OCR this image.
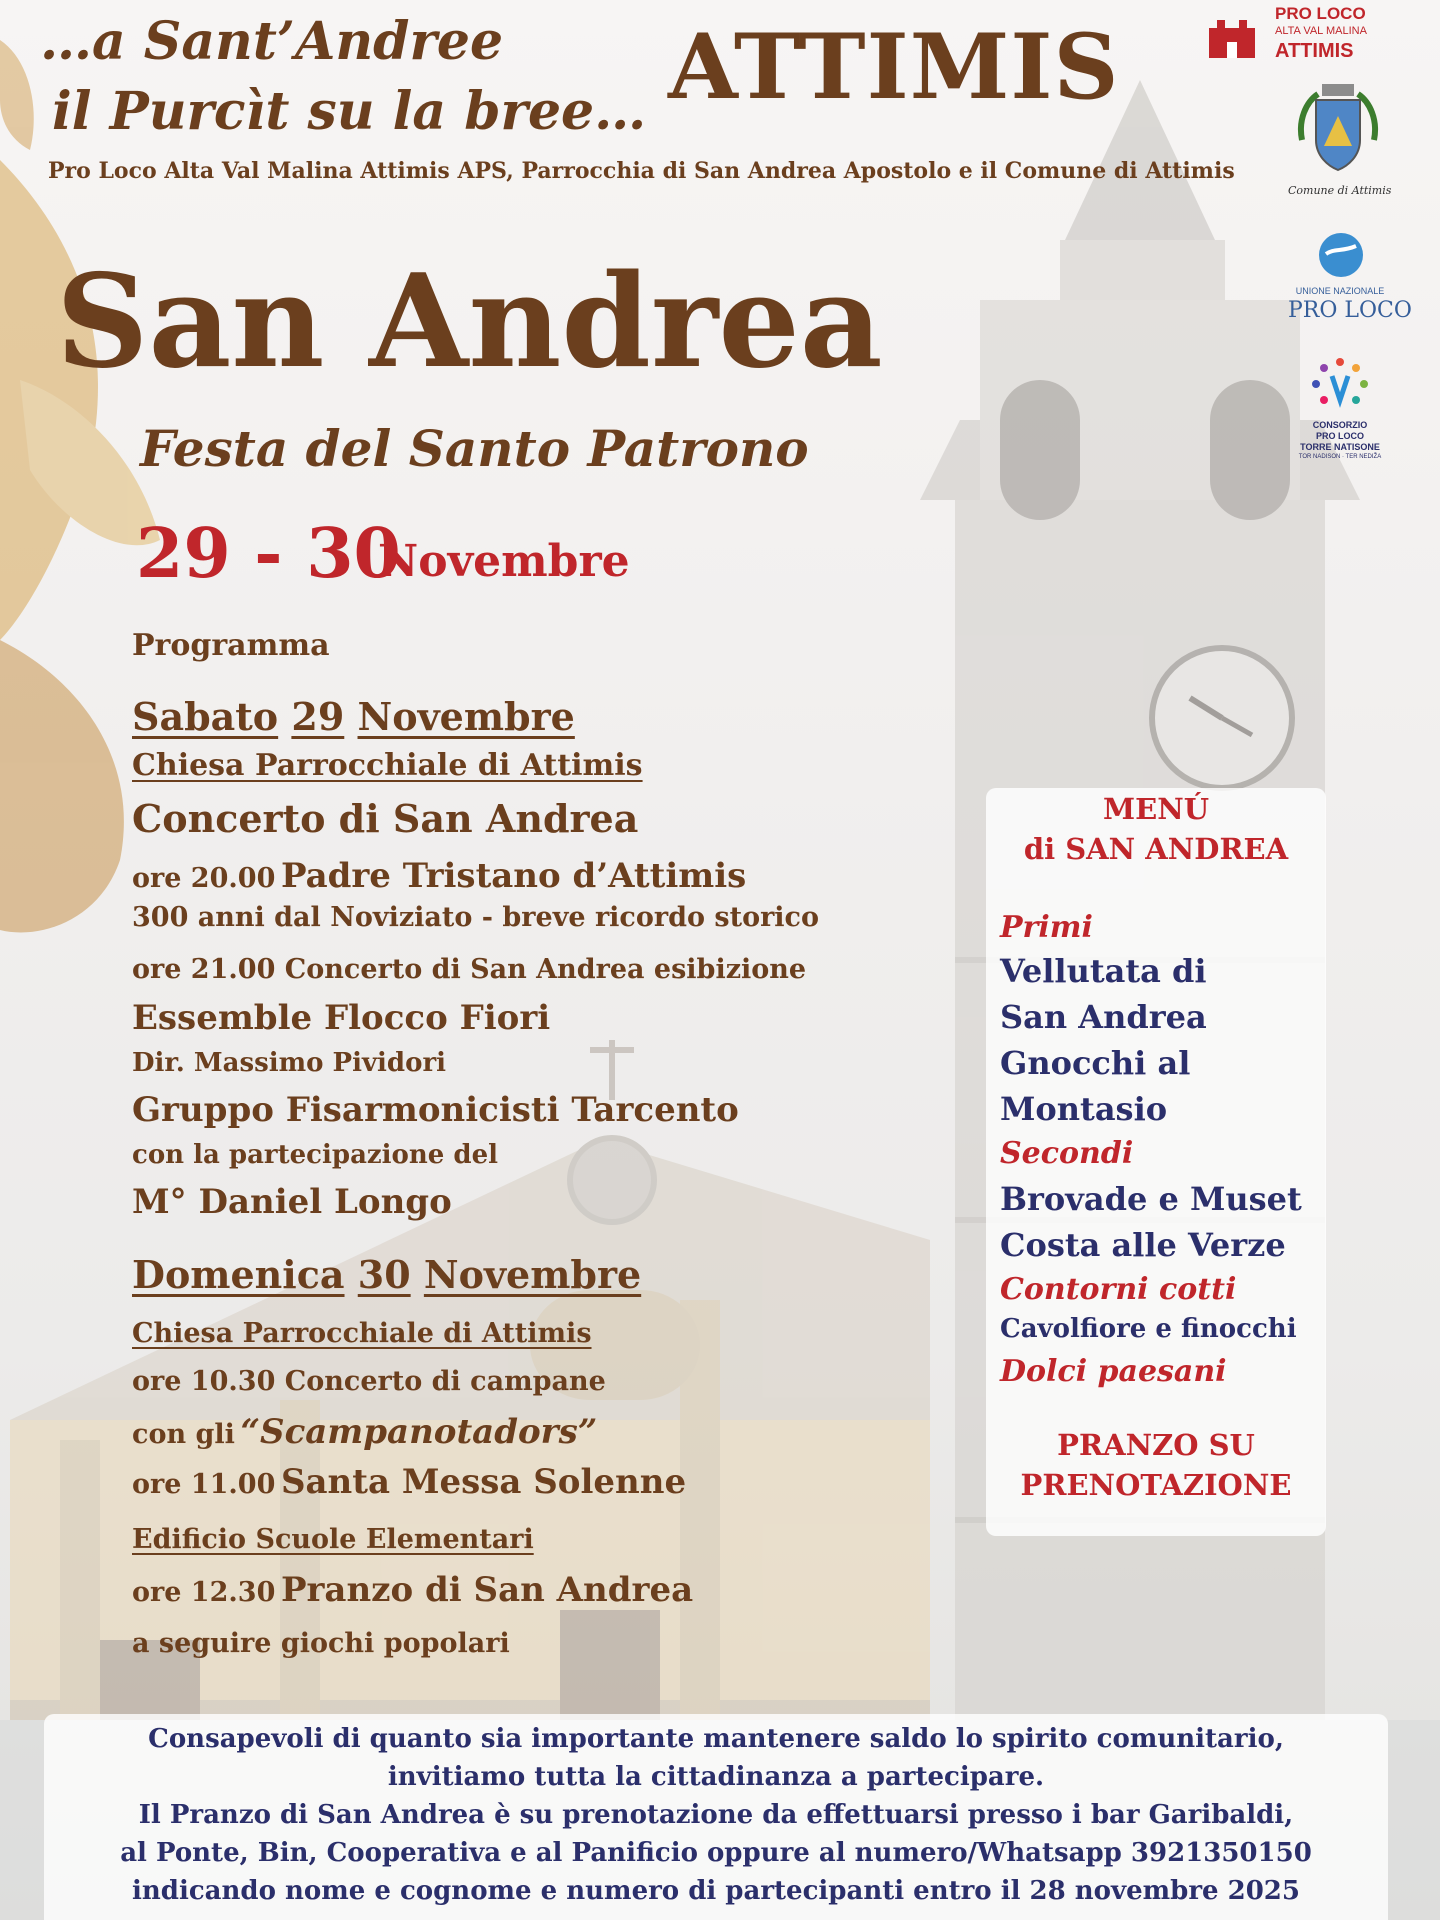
…a Sant’Andree
il Purcìt su la bree… ATTIMIS
Pro Loco Alta Val Malina Attimis APS, Parrocchia di San Andrea Apostolo e il Comune di Attimis
PRO LOCO
ALTA VAL MALINA
ATTIMIS
Comune di Attimis
UNIONE NAZIONALE
PRO LOCO
CONSORZIO
PRO LOCO
TORRE NATISONE
TOR NADISON · TER NEDIŽA
San Andrea
Festa del Santo Patrono
29 - 30
Novembre
Programma
Sabato 29 Novembre
Chiesa Parrocchiale di Attimis
Concerto di San Andrea
ore 20.00 Padre Tristano d’Attimis
300 anni dal Noviziato - breve ricordo storico
ore 21.00 Concerto di San Andrea esibizione
Essemble Flocco Fiori
Dir. Massimo Pividori
Gruppo Fisarmonicisti Tarcento
con la partecipazione del
M° Daniel Longo
Domenica 30 Novembre
Chiesa Parrocchiale di Attimis
ore 10.30 Concerto di campane
con gli “Scampanotadors”
ore 11.00 Santa Messa Solenne
Edificio Scuole Elementari
ore 12.30 Pranzo di San Andrea
a seguire giochi popolari
MENÚ
di SAN ANDREA
Primi
Vellutata di
San Andrea
Gnocchi al
Montasio
Secondi
Brovade e Muset
Costa alle Verze
Contorni cotti
Cavolfiore e finocchi
Dolci paesani
PRANZO SU
PRENOTAZIONE
Consapevoli di quanto sia importante mantenere saldo lo spirito comunitario,
invitiamo tutta la cittadinanza a partecipare.
Il Pranzo di San Andrea è su prenotazione da effettuarsi presso i bar Garibaldi,
al Ponte, Bin, Cooperativa e al Panificio oppure al numero/Whatsapp 3921350150
indicando nome e cognome e numero di partecipanti entro il 28 novembre 2025
